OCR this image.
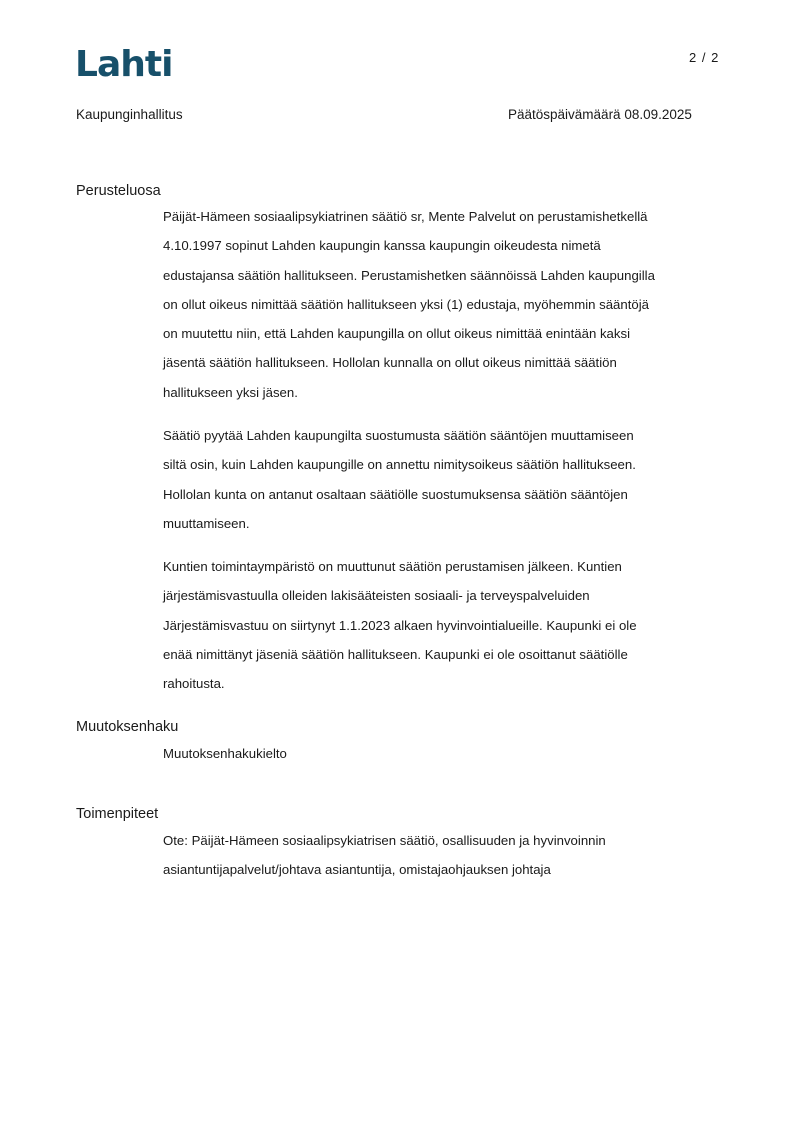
Lahti	2 / 2
Kaupunginhallitus	Päätöspäivämäärä 08.09.2025
Perusteluosa
Päijät-Hämeen sosiaalipsykiatrinen säätiö sr, Mente Palvelut on perustamishetkellä
4.10.1997 sopinut Lahden kaupungin kanssa kaupungin oikeudesta nimetä
edustajansa säätiön hallitukseen. Perustamishetken säännöissä Lahden kaupungilla
on ollut oikeus nimittää säätiön hallitukseen yksi (1) edustaja, myöhemmin sääntöjä
on muutettu niin, että Lahden kaupungilla on ollut oikeus nimittää enintään kaksi
jäsentä säätiön hallitukseen. Hollolan kunnalla on ollut oikeus nimittää säätiön
hallitukseen yksi jäsen.
Säätiö pyytää Lahden kaupungilta suostumusta säätiön sääntöjen muuttamiseen
siltä osin, kuin Lahden kaupungille on annettu nimitysoikeus säätiön hallitukseen.
Hollolan kunta on antanut osaltaan säätiölle suostumuksensa säätiön sääntöjen
muuttamiseen.
Kuntien toimintaympäristö on muuttunut säätiön perustamisen jälkeen. Kuntien
järjestämisvastuulla olleiden lakisääteisten sosiaali- ja terveyspalveluiden
Järjestämisvastuu on siirtynyt 1.1.2023 alkaen hyvinvointialueille. Kaupunki ei ole
enää nimittänyt jäseniä säätiön hallitukseen. Kaupunki ei ole osoittanut säätiölle
rahoitusta.
Muutoksenhaku
Muutoksenhakukielto
Toimenpiteet
Ote: Päijät-Hämeen sosiaalipsykiatrisen säätiö, osallisuuden ja hyvinvoinnin
asiantuntijapalvelut/johtava asiantuntija, omistajaohjauksen johtaja
